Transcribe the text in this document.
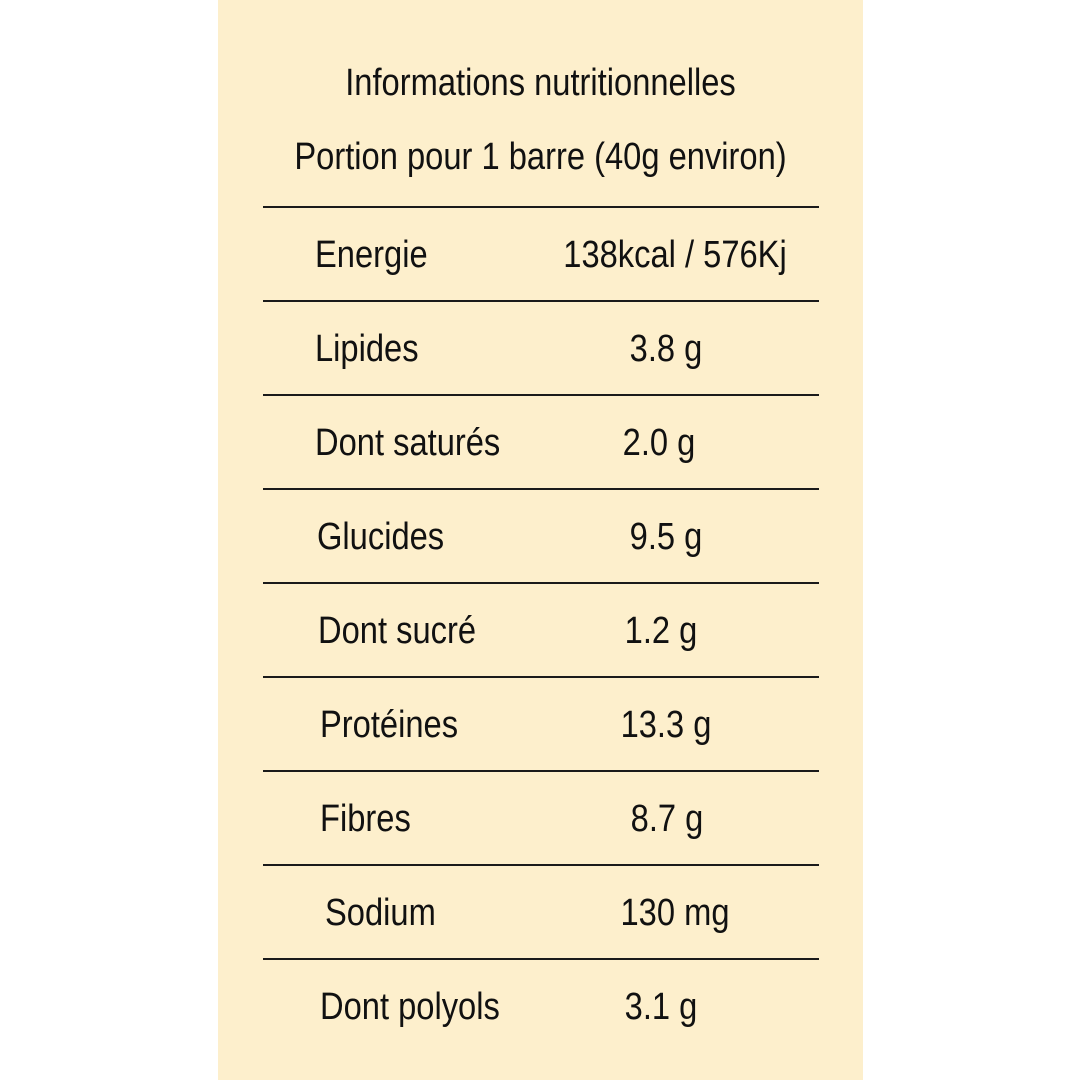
Informations nutritionnelles
Portion pour 1 barre (40g environ)
Energie	138kcal / 576Kj
Lipides	3.8 g
Dont saturés	2.0 g
Glucides	9.5 g
Dont sucré	1.2 g
Protéines	13.3 g
Fibres	8.7 g
Sodium	130 mg
Dont polyols	3.1 g
